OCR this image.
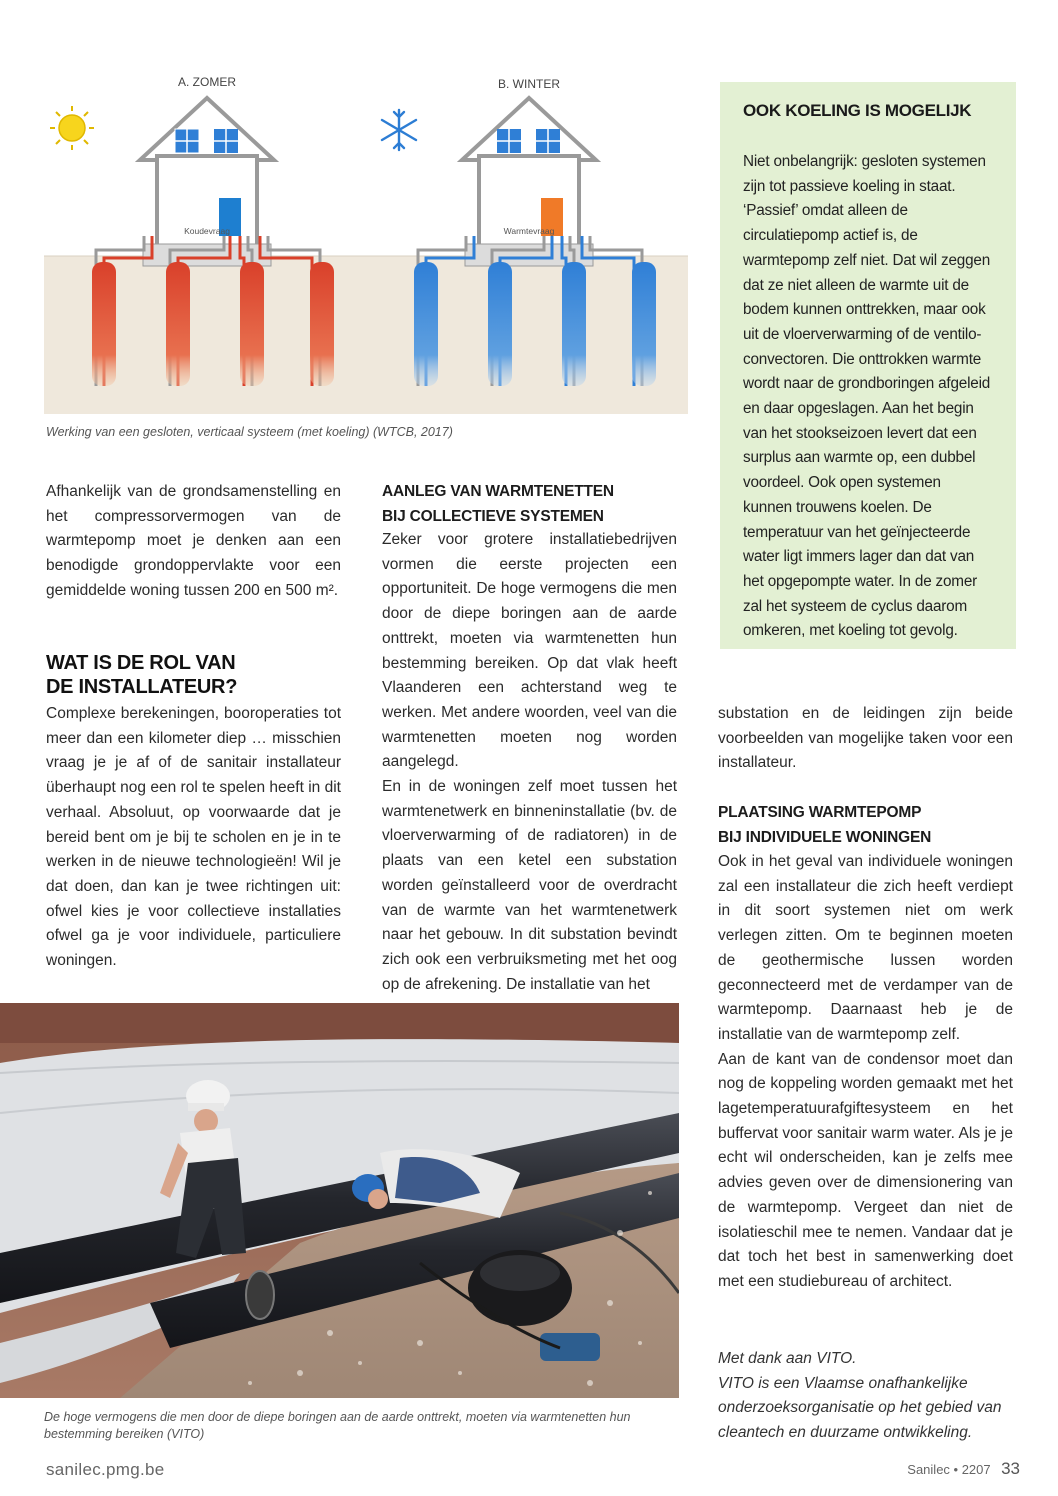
A. ZOMER	B. WINTER
Koudevraag	Warmtevraag
Werking van een gesloten, verticaal systeem (met koeling) (WTCB, 2017)
OOK KOELING IS MOGELIJK
Niet onbelangrijk: gesloten systemen zijn tot passieve koeling in staat. ‘Passief’ omdat alleen de circulatiepomp actief is, de warmtepomp zelf niet. Dat wil zeggen dat ze niet alleen de warmte uit de bodem kunnen onttrekken, maar ook uit de vloerverwarming of de ventilo-convectoren. Die onttrokken warmte wordt naar de grondboringen afgeleid en daar opgeslagen. Aan het begin van het stookseizoen levert dat een surplus aan warmte op, een dubbel voordeel. Ook open systemen kunnen trouwens koelen. De temperatuur van het geïnjecteerde water ligt immers lager dan dat van het opgepompte water. In de zomer zal het systeem de cyclus daarom omkeren, met koeling tot gevolg.

Afhankelijk van de grondsamenstelling en het compressorvermogen van de warmtepomp moet je denken aan een benodigde grondoppervlakte voor een gemiddelde woning tussen 200 en 500 m².

WAT IS DE ROL VAN
DE INSTALLATEUR?

Complexe berekeningen, booroperaties tot meer dan een kilometer diep … misschien vraag je je af of de sanitair installateur überhaupt nog een rol te spelen heeft in dit verhaal. Absoluut, op voorwaarde dat je bereid bent om je bij te scholen en je in te werken in de nieuwe technologieën! Wil je dat doen, dan kan je twee richtingen uit: ofwel kies je voor collectieve installaties ofwel ga je voor individuele, particuliere woningen.

AANLEG VAN WARMTENETTEN
BIJ COLLECTIEVE SYSTEMEN

Zeker voor grotere installatiebedrijven vormen die eerste projecten een opportuniteit. De hoge vermogens die men door de diepe boringen aan de aarde onttrekt, moeten via warmtenetten hun bestemming bereiken. Op dat vlak heeft Vlaanderen een achterstand weg te werken. Met andere woorden, veel van die warmtenetten moeten nog worden aangelegd.

En in de woningen zelf moet tussen het warmtenetwerk en binneninstallatie (bv. de vloerverwarming of de radiatoren) in de plaats van een ketel een substation worden geïnstalleerd voor de overdracht van de warmte van het warmtenetwerk naar het gebouw. In dit substation bevindt zich ook een verbruiksmeting met het oog op de afrekening. De installatie van het

substation en de leidingen zijn beide voorbeelden van mogelijke taken voor een installateur.

PLAATSING WARMTEPOMP
BIJ INDIVIDUELE WONINGEN

Ook in het geval van individuele woningen zal een installateur die zich heeft verdiept in dit soort systemen niet om werk verlegen zitten. Om te beginnen moeten de geothermische lussen worden geconnecteerd met de verdamper van de warmtepomp. Daarnaast heb je de installatie van de warmtepomp zelf.

Aan de kant van de condensor moet dan nog de koppeling worden gemaakt met het lagetemperatuurafgiftesysteem en het buffervat voor sanitair warm water. Als je je echt wil onderscheiden, kan je zelfs mee advies geven over de dimensionering van de warmtepomp. Vergeet dan niet de isolatieschil mee te nemen. Vandaar dat je dat toch het best in samenwerking doet met een studiebureau of architect.

Met dank aan VITO.

VITO is een Vlaamse onafhankelijke onderzoeksorganisatie op het gebied van cleantech en duurzame ontwikkeling.

De hoge vermogens die men door de diepe boringen aan de aarde onttrekt, moeten via warmtenetten hun bestemming bereiken (VITO)
sanilec.pmg.be	Sanilec • 2207 33
